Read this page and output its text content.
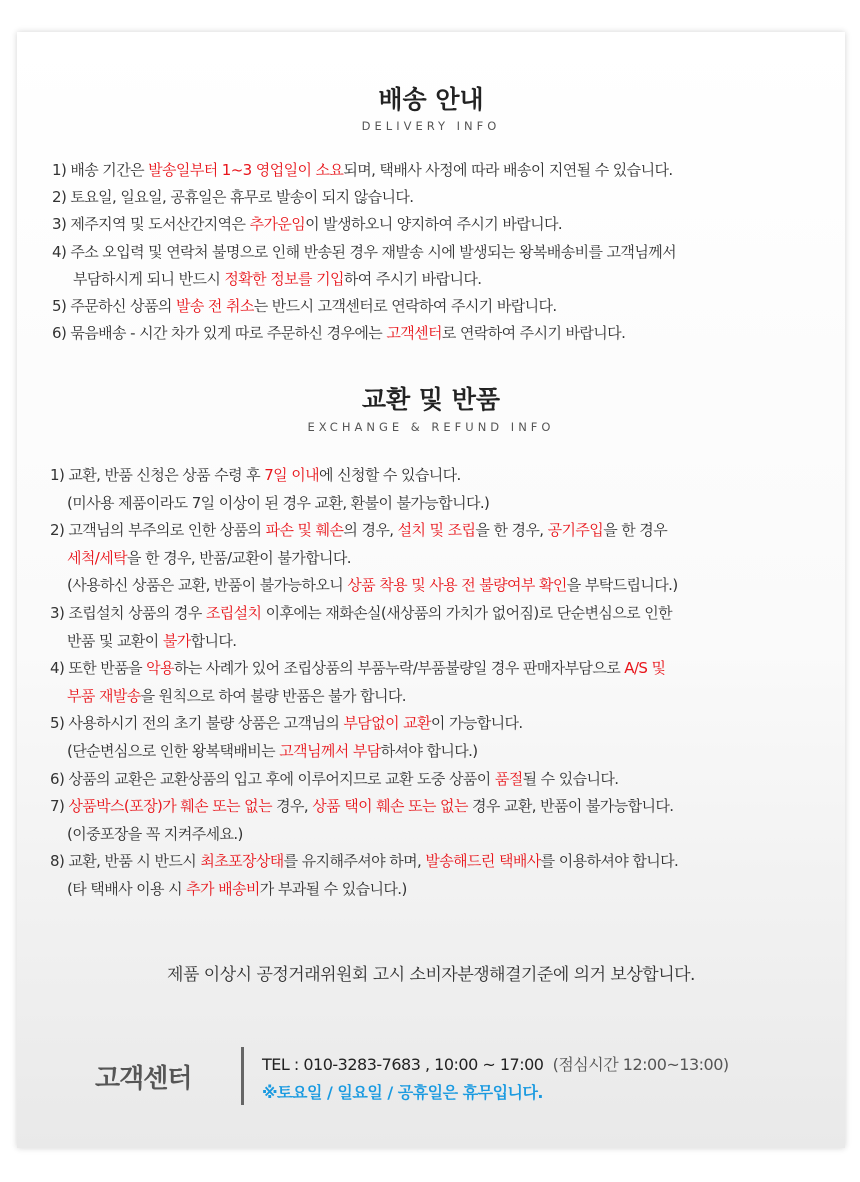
배송 안내
DELIVERY INFO
1) 배송 기간은 발송일부터 1~3 영업일이 소요되며, 택배사 사정에 따라 배송이 지연될 수 있습니다.
2) 토요일, 일요일, 공휴일은 휴무로 발송이 되지 않습니다.
3) 제주지역 및 도서산간지역은 추가운임이 발생하오니 양지하여 주시기 바랍니다.
4) 주소 오입력 및 연락처 불명으로 인해 반송된 경우 재발송 시에 발생되는 왕복배송비를 고객님께서
부담하시게 되니 반드시 정확한 정보를 기입하여 주시기 바랍니다.
5) 주문하신 상품의 발송 전 취소는 반드시 고객센터로 연락하여 주시기 바랍니다.
6) 묶음배송 - 시간 차가 있게 따로 주문하신 경우에는 고객센터로 연락하여 주시기 바랍니다.
교환 및 반품
EXCHANGE & REFUND INFO
1) 교환, 반품 신청은 상품 수령 후 7일 이내에 신청할 수 있습니다.
(미사용 제품이라도 7일 이상이 된 경우 교환, 환불이 불가능합니다.)
2) 고객님의 부주의로 인한 상품의 파손 및 훼손의 경우, 설치 및 조립을 한 경우, 공기주입을 한 경우
세척/세탁을 한 경우, 반품/교환이 불가합니다.
(사용하신 상품은 교환, 반품이 불가능하오니 상품 착용 및 사용 전 불량여부 확인을 부탁드립니다.)
3) 조립설치 상품의 경우 조립설치 이후에는 재화손실(새상품의 가치가 없어짐)로 단순변심으로 인한
반품 및 교환이 불가합니다.
4) 또한 반품을 악용하는 사례가 있어 조립상품의 부품누락/부품불량일 경우 판매자부담으로 A/S 및
부품 재발송을 원칙으로 하여 불량 반품은 불가 합니다.
5) 사용하시기 전의 초기 불량 상품은 고객님의 부담없이 교환이 가능합니다.
(단순변심으로 인한 왕복택배비는 고객님께서 부담하셔야 합니다.)
6) 상품의 교환은 교환상품의 입고 후에 이루어지므로 교환 도중 상품이 품절될 수 있습니다.
7) 상품박스(포장)가 훼손 또는 없는 경우, 상품 택이 훼손 또는 없는 경우 교환, 반품이 불가능합니다.
(이중포장을 꼭 지켜주세요.)
8) 교환, 반품 시 반드시 최초포장상태를 유지해주셔야 하며, 발송해드린 택배사를 이용하셔야 합니다.
(타 택배사 이용 시 추가 배송비가 부과될 수 있습니다.)
제품 이상시 공정거래위원회 고시 소비자분쟁해결기준에 의거 보상합니다.
고객센터	TEL : 010-3283-7683 , 10:00 ~ 17:00 (점심시간 12:00~13:00)
※토요일 / 일요일 / 공휴일은 휴무입니다.
